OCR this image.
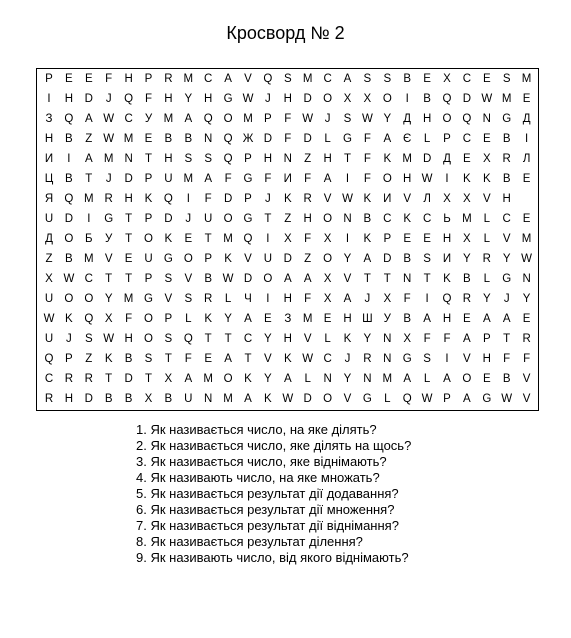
Кросворд № 2
P	E	E	F	H	P	R M C	A	V	Q	S M C	A	S	S	B	E	X	C	E	S M
I	H	D	J	Q	F	H	Y	H G W	J	H	D O	X	X	O	I	B	Q D W M E
З	Q	A W C	У M A	Q O M P	F W	J	S W Y	Д	H O Q N G	Д
H	B	Z W M E	B	B	N Q Ж D	F	D	L	G	F	A	Є	L	P	C	E	B	I
И	I	A M N	T	H	S	S	Q	P	H	N	Z	H	T	F	K M D	Д	E	X	R	Л
Ц	B	T	J	D	P	U M A	F	G	F	И	F	A	I	F	O H W	I	K	K	B	E
Я Q M R	H	K	Q	I	F	D	P	J	K	R	V W K	И	V	Л	X	X	V	H
U	D	I	G	T	P	D	J	U O G	T	Z	H O N	B	C	K	С	Ь M	L	C	E
Д	O	Б	У	T	O	K	E	T	M Q	I	X	F	X	I	K	P	E	E	H	X	L	V M
Z	B M V	E	U G O	P	K	V	U	D	Z	O	Y	A	D	B	S	И	Y	R	Y W
X W C	T	T	P	S	V	B W D O	A	A	X	V	T	T	N	T	K	B	L	G N
U O O	Y M G	V	S	R	L	Ч	I	H	F	X	A	J	X	F	I	Q R	Y	J	Y
W K	Q	X	F	O	P	L	K	Y	A	E	З	M E	H Ш У	B	A	H	E	A	A	E
U	J	S W H O	S	Q	T	T	C	Y	H	V	L	K	Y	N	X	F	F	A	P	T	R
Q	P	Z	K	B	S	T	F	E	A	T	V	K W C	J	R	N G	S	I	V	H	F	F
C	R	R	T	D	T	X	A M O	K	Y	A	L	N	Y	N M A	L	A	O	E	B	V
R	H	D	B	B	X	B	U	N M A	K W D O	V	G	L	Q W P	A	G W V
1. Як називається число, на яке ділять?
2. Як називається число, яке ділять на щось?
3. Як називається число, яке віднімають?
4. Як називають число, на яке множать?
5. Як називається результат дії додавання?
6. Як називається результат дії множення?
7. Як називається результат дії віднімання?
8. Як називається результат ділення?
9. Як називають число, від якого віднімають?
